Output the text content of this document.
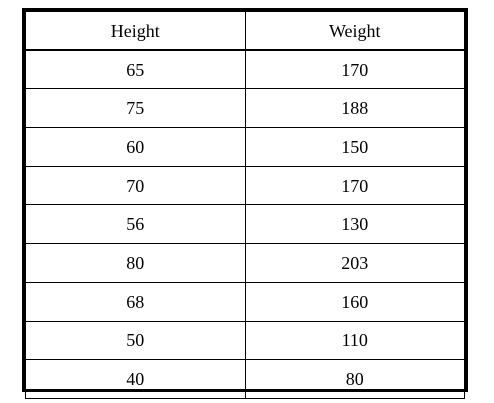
Height	Weight
65	170
75	188
60	150
70	170
56	130
80	203
68	160
50	110
40	80
